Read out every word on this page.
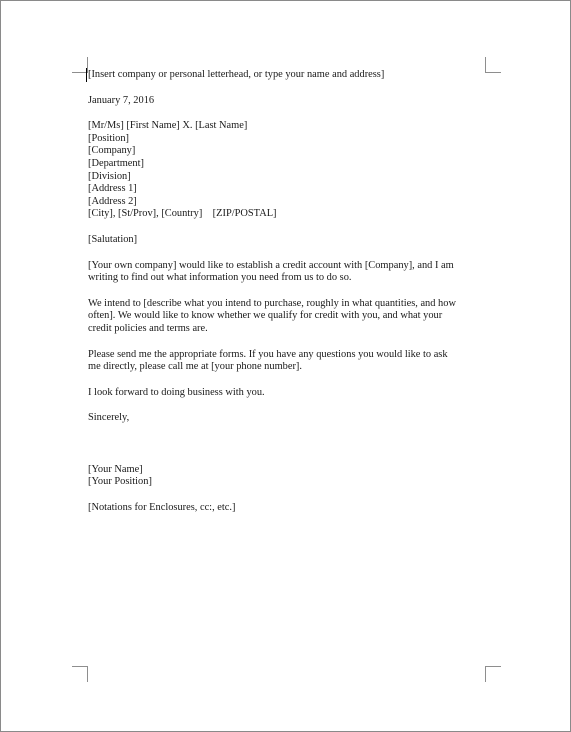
[Insert company or personal letterhead, or type your name and address]
January 7, 2016
[Mr/Ms] [First Name] X. [Last Name]
[Position]
[Company]
[Department]
[Division]
[Address 1]
[Address 2]
[City], [St/Prov], [Country]    [ZIP/POSTAL]
[Salutation]
[Your own company] would like to establish a credit account with [Company], and I am
writing to find out what information you need from us to do so.
We intend to [describe what you intend to purchase, roughly in what quantities, and how
often]. We would like to know whether we qualify for credit with you, and what your
credit policies and terms are.
Please send me the appropriate forms. If you have any questions you would like to ask
me directly, please call me at [your phone number].
I look forward to doing business with you.
Sincerely,
[Your Name]
[Your Position]
[Notations for Enclosures, cc:, etc.]
